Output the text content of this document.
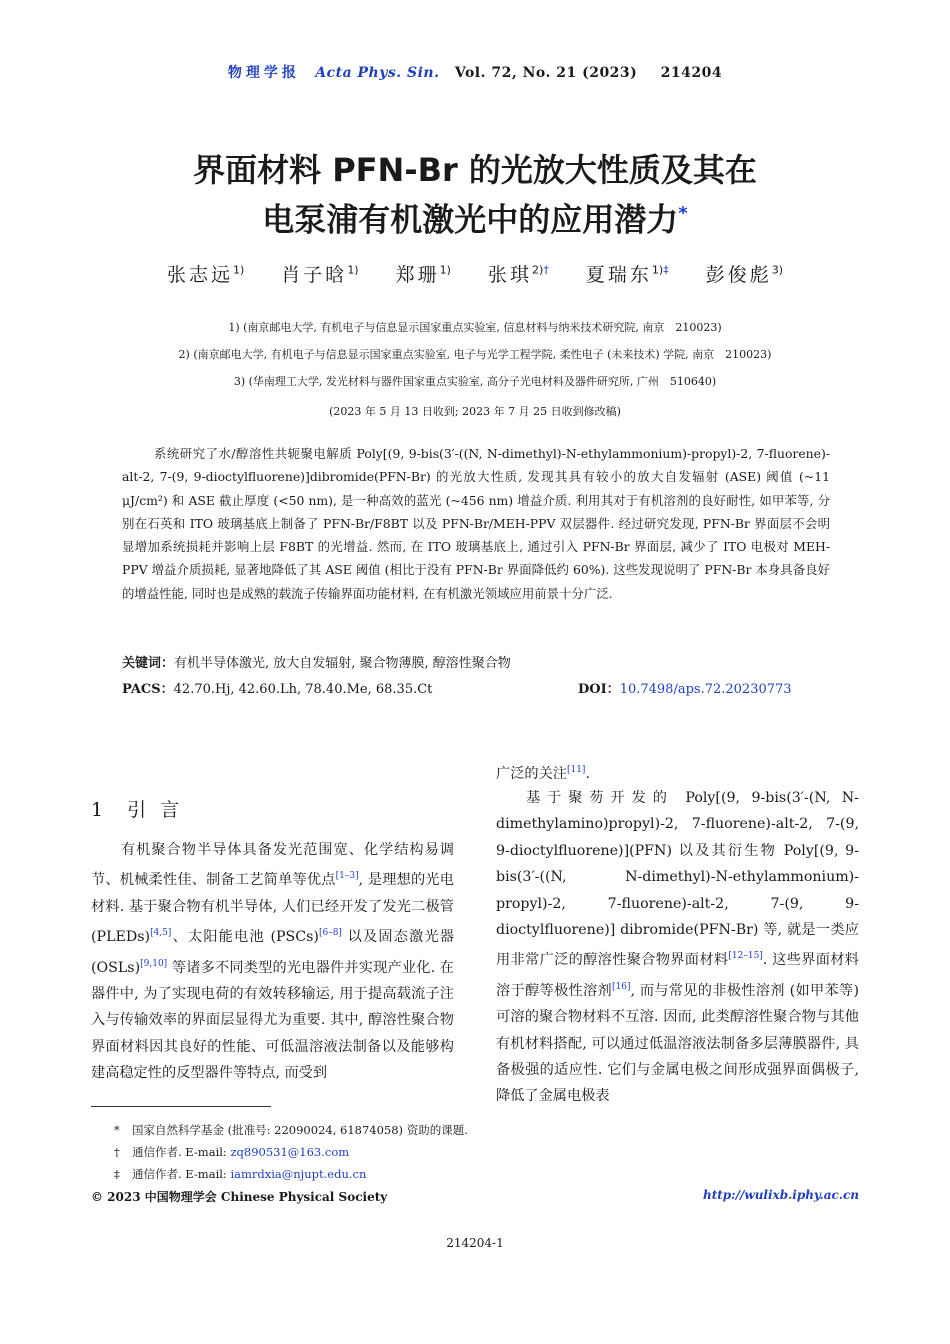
物理学报 Acta Phys. Sin. Vol. 72, No. 21 (2023) 214204
界面材料 PFN-Br 的光放大性质及其在
电泵浦有机激光中的应用潜力*
张志远$^{1)}$ 肖子晗$^{1)}$ 郑珊$^{1)}$ 张琪$^{2)\dagger}$ 夏瑞东$^{1)\ddagger}$ 彭俊彪$^{3)}$
1) (南京邮电大学, 有机电子与信息显示国家重点实验室, 信息材料与纳米技术研究院, 南京　210023)
2) (南京邮电大学, 有机电子与信息显示国家重点实验室, 电子与光学工程学院, 柔性电子 (未来技术) 学院, 南京　210023)
3) (华南理工大学, 发光材料与器件国家重点实验室, 高分子光电材料及器件研究所, 广州　510640)
(2023 年 5 月 13 日收到; 2023 年 7 月 25 日收到修改稿)
系统研究了水/醇溶性共轭聚电解质 Poly[(9, 9-bis(3′-((N, N-dimethyl)-N-ethylammonium)-propyl)-2, 7-fluorene)-alt-2, 7-(9, 9-dioctylfluorene)]dibromide(PFN-Br) 的光放大性质, 发现其具有较小的放大自发辐射 (ASE) 阈值 (~11 μJ/cm²) 和 ASE 截止厚度 (<50 nm), 是一种高效的蓝光 (~456 nm) 增益介质. 利用其对于有机溶剂的良好耐性, 如甲苯等, 分别在石英和 ITO 玻璃基底上制备了 PFN-Br/F8BT 以及 PFN-Br/MEH-PPV 双层器件. 经过研究发现, PFN-Br 界面层不会明显增加系统损耗并影响上层 F8BT 的光增益. 然而, 在 ITO 玻璃基底上, 通过引入 PFN-Br 界面层, 减少了 ITO 电极对 MEH-PPV 增益介质损耗, 显著地降低了其 ASE 阈值 (相比于没有 PFN-Br 界面降低约 60%). 这些发现说明了 PFN-Br 本身具备良好的增益性能, 同时也是成熟的载流子传输界面功能材料, 在有机激光领域应用前景十分广泛.
关键词：有机半导体激光, 放大自发辐射, 聚合物薄膜, 醇溶性聚合物
PACS：42.70.Hj, 42.60.Lh, 78.40.Me, 68.35.Ct	DOI：10.7498/aps.72.20230773
1 引言
有机聚合物半导体具备发光范围宽、化学结构易调节、机械柔性佳、制备工艺简单等优点[1–3], 是理想的光电材料. 基于聚合物有机半导体, 人们已经开发了发光二极管 (PLEDs)[4,5]、太阳能电池 (PSCs)[6–8] 以及固态激光器 (OSLs)[9,10] 等诸多不同类型的光电器件并实现产业化. 在器件中, 为了实现电荷的有效转移输运, 用于提高载流子注入与传输效率的界面层显得尤为重要. 其中, 醇溶性聚合物界面材料因其良好的性能、可低温溶液法制备以及能够构建高稳定性的反型器件等特点, 而受到
广泛的关注[11].
基于聚芴开发的 Poly[(9, 9-bis(3′-(N, N-dimethylamino)propyl)-2, 7-fluorene)-alt-2, 7-(9, 9-dioctylfluorene)](PFN) 以及其衍生物 Poly[(9, 9-bis(3′-((N, N-dimethyl)-N-ethylammonium)-propyl)-2, 7-fluorene)-alt-2, 7-(9, 9-dioctylfluorene)] dibromide(PFN-Br) 等, 就是一类应用非常广泛的醇溶性聚合物界面材料[12–15]. 这些界面材料溶于醇等极性溶剂[16], 而与常见的非极性溶剂 (如甲苯等) 可溶的聚合物材料不互溶. 因而, 此类醇溶性聚合物与其他有机材料搭配, 可以通过低温溶液法制备多层薄膜器件, 具备极强的适应性. 它们与金属电极之间形成强界面偶极子, 降低了金属电极表
* 国家自然科学基金 (批准号: 22090024, 61874058) 资助的课题.
† 通信作者. E-mail: zq890531@163.com
‡ 通信作者. E-mail: iamrdxia@njupt.edu.cn
© 2023 中国物理学会 Chinese Physical Society	http://wulixb.iphy.ac.cn
214204-1
